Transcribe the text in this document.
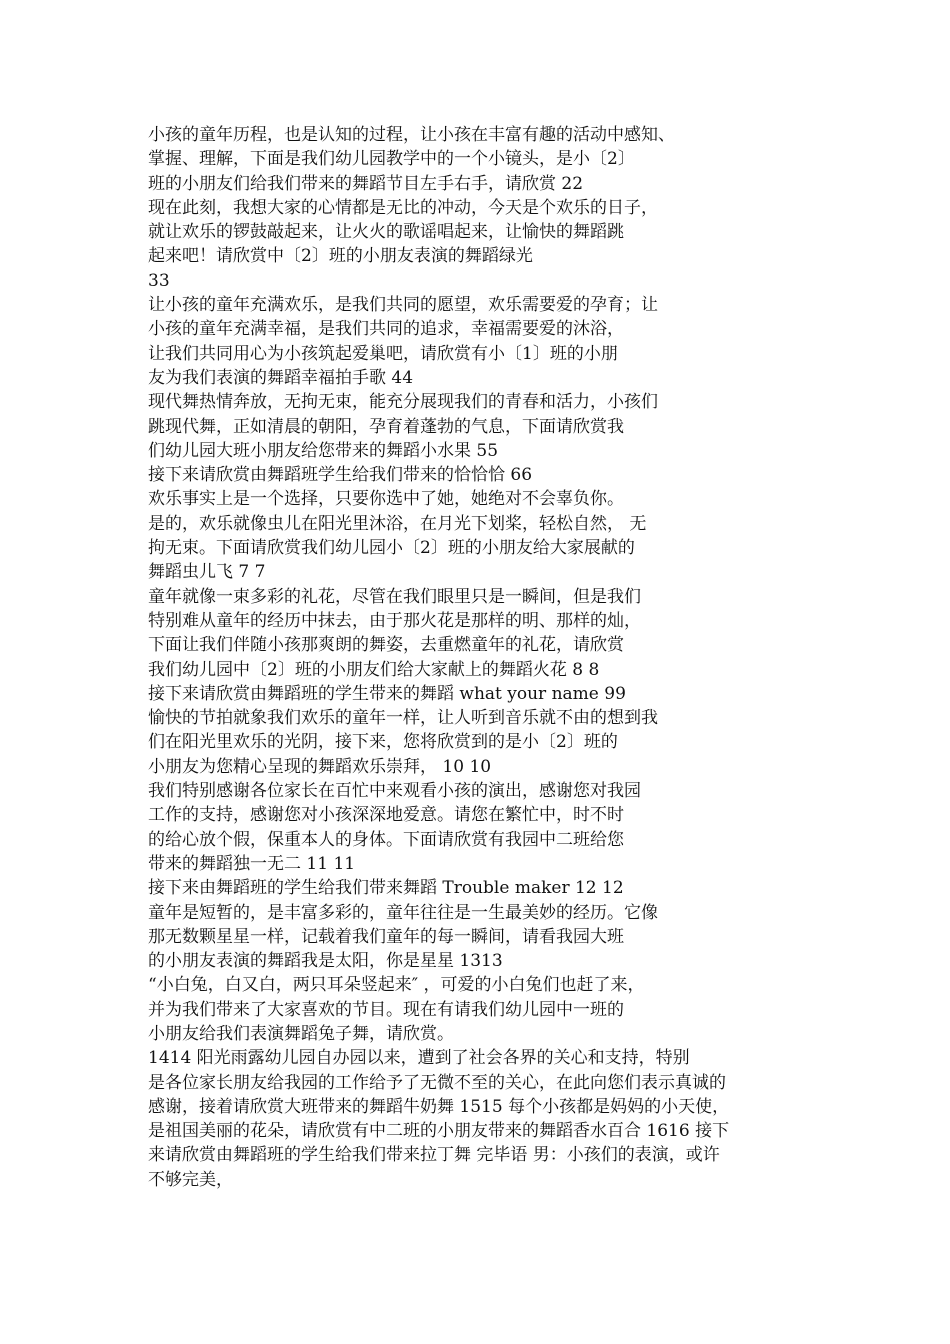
小孩的童年历程，也是认知的过程，让小孩在丰富有趣的活动中感知、
掌握、理解，下面是我们幼儿园教学中的一个小镜头，是小〔2〕
班的小朋友们给我们带来的舞蹈节目左手右手，请欣赏 22
现在此刻，我想大家的心情都是无比的冲动，今天是个欢乐的日子，
就让欢乐的锣鼓敲起来，让火火的歌谣唱起来，让愉快的舞蹈跳
起来吧！请欣赏中〔2〕班的小朋友表演的舞蹈绿光
33
让小孩的童年充满欢乐，是我们共同的愿望，欢乐需要爱的孕育；让
小孩的童年充满幸福，是我们共同的追求，幸福需要爱的沐浴，
让我们共同用心为小孩筑起爱巢吧，请欣赏有小〔1〕班的小朋
友为我们表演的舞蹈幸福拍手歌 44
现代舞热情奔放，无拘无束，能充分展现我们的青春和活力，小孩们
跳现代舞，正如清晨的朝阳，孕育着蓬勃的气息，下面请欣赏我
们幼儿园大班小朋友给您带来的舞蹈小水果 55
接下来请欣赏由舞蹈班学生给我们带来的恰恰恰 66
欢乐事实上是一个选择，只要你选中了她，她绝对不会辜负你。
是的，欢乐就像虫儿在阳光里沐浴，在月光下划桨，轻松自然， 无
拘无束。下面请欣赏我们幼儿园小〔2〕班的小朋友给大家展献的
舞蹈虫儿飞 7 7
童年就像一束多彩的礼花，尽管在我们眼里只是一瞬间，但是我们
特别难从童年的经历中抹去，由于那火花是那样的明、那样的灿，
下面让我们伴随小孩那爽朗的舞姿，去重燃童年的礼花，请欣赏
我们幼儿园中〔2〕班的小朋友们给大家献上的舞蹈火花 8 8
接下来请欣赏由舞蹈班的学生带来的舞蹈 what your name 99
愉快的节拍就象我们欢乐的童年一样，让人听到音乐就不由的想到我
们在阳光里欢乐的光阴，接下来，您将欣赏到的是小〔2〕班的
小朋友为您精心呈现的舞蹈欢乐崇拜， 10 10
我们特别感谢各位家长在百忙中来观看小孩的演出，感谢您对我园
工作的支持，感谢您对小孩深深地爱意。请您在繁忙中，时不时
的给心放个假，保重本人的身体。下面请欣赏有我园中二班给您
带来的舞蹈独一无二 11 11
接下来由舞蹈班的学生给我们带来舞蹈 Trouble maker 12 12
童年是短暂的，是丰富多彩的，童年往往是一生最美妙的经历。它像
那无数颗星星一样，记载着我们童年的每一瞬间，请看我园大班
的小朋友表演的舞蹈我是太阳，你是星星 1313
“小白兔，白又白，两只耳朵竖起来″ ，可爱的小白兔们也赶了来，
并为我们带来了大家喜欢的节目。现在有请我们幼儿园中一班的
小朋友给我们表演舞蹈兔子舞，请欣赏。
1414 阳光雨露幼儿园自办园以来，遭到了社会各界的关心和支持，特别
是各位家长朋友给我园的工作给予了无微不至的关心，在此向您们表示真诚的
感谢，接着请欣赏大班带来的舞蹈牛奶舞 1515 每个小孩都是妈妈的小天使，
是祖国美丽的花朵，请欣赏有中二班的小朋友带来的舞蹈香水百合 1616 接下
来请欣赏由舞蹈班的学生给我们带来拉丁舞 完毕语 男：小孩们的表演，或许
不够完美，
